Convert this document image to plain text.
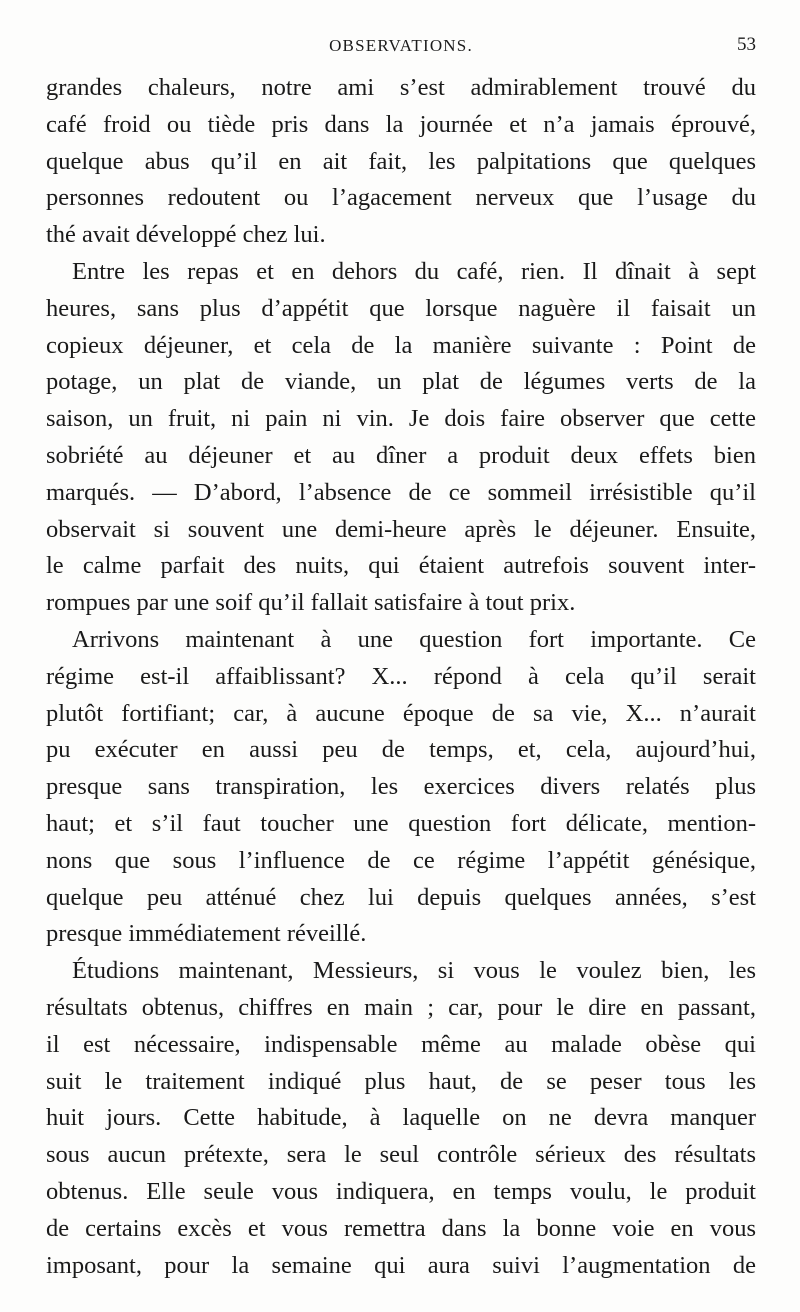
OBSERVATIONS.	53
grandes chaleurs, notre ami s’est admirablement trouvé du
café froid ou tiède pris dans la journée et n’a jamais éprouvé,
quelque abus qu’il en ait fait, les palpitations que quelques
personnes redoutent ou l’agacement nerveux que l’usage du
thé avait développé chez lui.
Entre les repas et en dehors du café, rien. Il dînait à sept
heures, sans plus d’appétit que lorsque naguère il faisait un
copieux déjeuner, et cela de la manière suivante : Point de
potage, un plat de viande, un plat de légumes verts de la
saison, un fruit, ni pain ni vin. Je dois faire observer que cette
sobriété au déjeuner et au dîner a produit deux effets bien
marqués. — D’abord, l’absence de ce sommeil irrésistible qu’il
observait si souvent une demi-heure après le déjeuner. Ensuite,
le calme parfait des nuits, qui étaient autrefois souvent inter-
rompues par une soif qu’il fallait satisfaire à tout prix.
Arrivons maintenant à une question fort importante. Ce
régime est-il affaiblissant? X... répond à cela qu’il serait
plutôt fortifiant; car, à aucune époque de sa vie, X... n’aurait
pu exécuter en aussi peu de temps, et, cela, aujourd’hui,
presque sans transpiration, les exercices divers relatés plus
haut; et s’il faut toucher une question fort délicate, mention-
nons que sous l’influence de ce régime l’appétit génésique,
quelque peu atténué chez lui depuis quelques années, s’est
presque immédiatement réveillé.
Étudions maintenant, Messieurs, si vous le voulez bien, les
résultats obtenus, chiffres en main ; car, pour le dire en passant,
il est nécessaire, indispensable même au malade obèse qui
suit le traitement indiqué plus haut, de se peser tous les
huit jours. Cette habitude, à laquelle on ne devra manquer
sous aucun prétexte, sera le seul contrôle sérieux des résultats
obtenus. Elle seule vous indiquera, en temps voulu, le produit
de certains excès et vous remettra dans la bonne voie en vous
imposant, pour la semaine qui aura suivi l’augmentation de
